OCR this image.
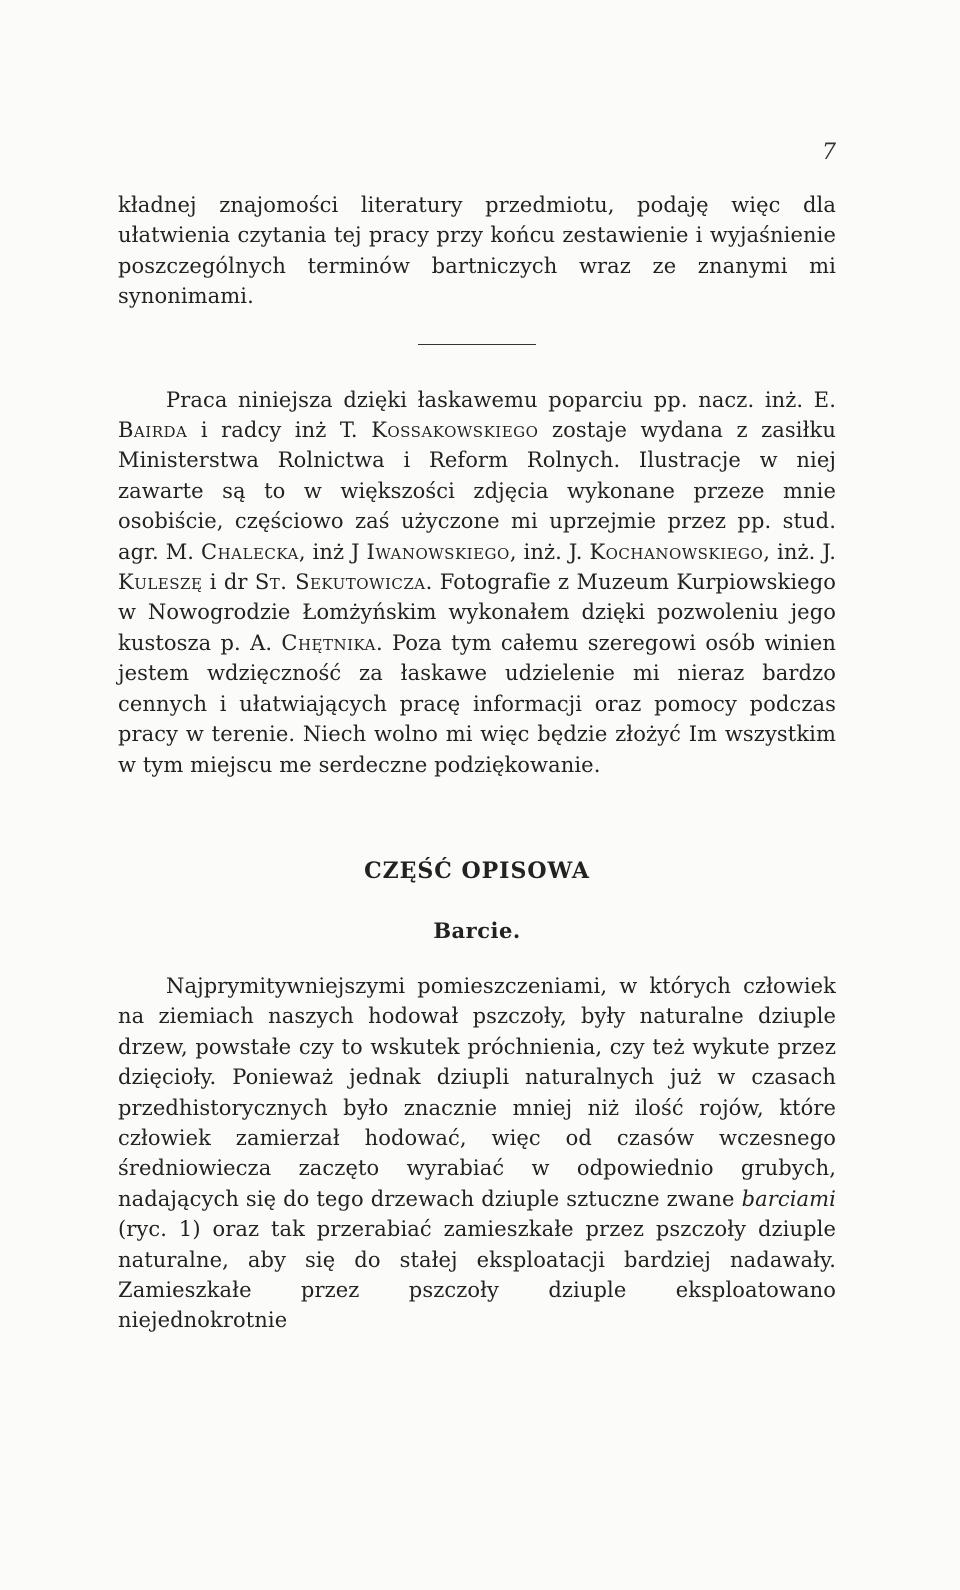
7

kładnej znajomości literatury przedmiotu, podaję więc dla ułatwienia czytania tej pracy przy końcu zestawienie i wyjaśnienie poszczególnych terminów bartniczych wraz ze znanymi mi synonimami.

Praca niniejsza dzięki łaskawemu poparciu pp. nacz. inż. E. Bairda i radcy inż T. Kossakowskiego zostaje wydana z zasiłku Ministerstwa Rolnictwa i Reform Rolnych. Ilustracje w niej zawarte są to w większości zdjęcia wykonane przeze mnie osobiście, częściowo zaś użyczone mi uprzejmie przez pp. stud. agr. M. Chalecka, inż J Iwanowskiego, inż. J. Kochanowskiego, inż. J. Kuleszę i dr St. Sekutowicza. Fotografie z Muzeum Kurpiowskiego w Nowogrodzie Łomżyńskim wykonałem dzięki pozwoleniu jego kustosza p. A. Chętnika. Poza tym całemu szeregowi osób winien jestem wdzięczność za łaskawe udzielenie mi nieraz bardzo cennych i ułatwiających pracę informacji oraz pomocy podczas pracy w terenie. Niech wolno mi więc będzie złożyć Im wszystkim w tym miejscu me serdeczne podziękowanie.

CZĘŚĆ OPISOWA
Barcie.

Najprymitywniejszymi pomieszczeniami, w których człowiek na ziemiach naszych hodował pszczoły, były naturalne dziuple drzew, powstałe czy to wskutek próchnienia, czy też wykute przez dzięcioły. Ponieważ jednak dziupli naturalnych już w czasach przedhistorycznych było znacznie mniej niż ilość rojów, które człowiek zamierzał hodować, więc od czasów wczesnego średniowiecza zaczęto wyrabiać w odpowiednio grubych, nadających się do tego drzewach dziuple sztuczne zwane barciami (ryc. 1) oraz tak przerabiać zamieszkałe przez pszczoły dziuple naturalne, aby się do stałej eksploatacji bardziej nadawały. Zamieszkałe przez pszczoły dziuple eksploatowano niejednokrotnie
